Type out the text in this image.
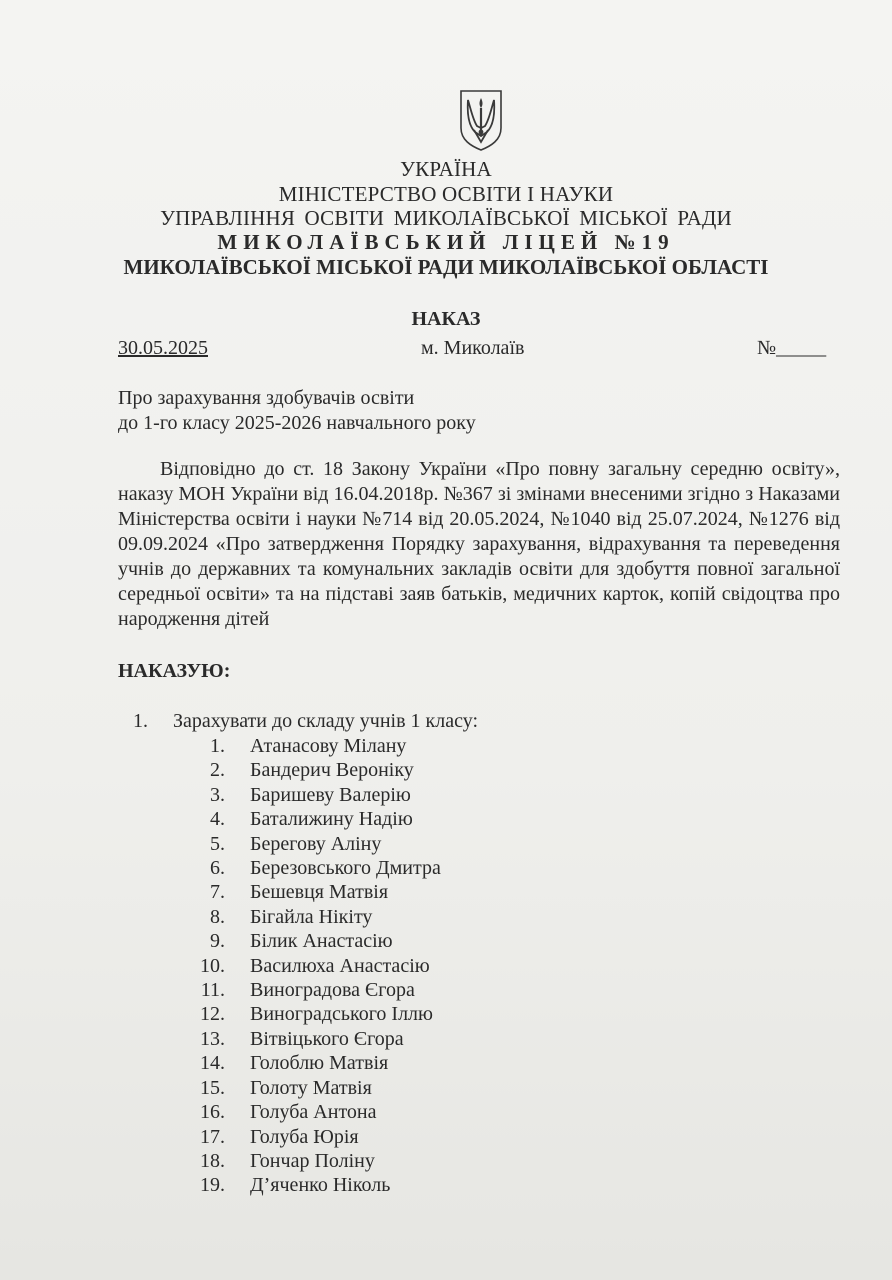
УКРАЇНА
МІНІСТЕРСТВО ОСВІТИ І НАУКИ
УПРАВЛІННЯ ОСВІТИ МИКОЛАЇВСЬКОЇ МІСЬКОЇ РАДИ
МИКОЛАЇВСЬКИЙ ЛІЦЕЙ №19
МИКОЛАЇВСЬКОЇ МІСЬКОЇ РАДИ МИКОЛАЇВСЬКОЇ ОБЛАСТІ
НАКАЗ
30.05.2025	м. Миколаїв	№_____
Про зарахування здобувачів освіти
до 1-го класу 2025-2026 навчального року
Відповідно до ст. 18 Закону України «Про повну загальну середню освіту», наказу МОН України від 16.04.2018р. №367 зі змінами внесеними згідно з Наказами Міністерства освіти і науки №714 від 20.05.2024, №1040 від 25.07.2024, №1276 від 09.09.2024 «Про затвердження Порядку зарахування, відрахування та переведення учнів до державних та комунальних закладів освіти для здобуття повної загальної середньої освіти» та на підставі заяв батьків, медичних карток, копій свідоцтва про народження дітей
НАКАЗУЮ:
1. Зарахувати до складу учнів 1 класу:
1. Атанасову Мілану
2. Бандерич Вероніку
3. Баришеву Валерію
4. Баталижину Надію
5. Берегову Аліну
6. Березовського Дмитра
7. Бешевця Матвія
8. Бігайла Нікіту
9. Білик Анастасію
10. Василюха Анастасію
11. Виноградова Єгора
12. Виноградського Іллю
13. Вітвіцького Єгора
14. Голоблю Матвія
15. Голоту Матвія
16. Голуба Антона
17. Голуба Юрія
18. Гончар Поліну
19. Д’яченко Ніколь
